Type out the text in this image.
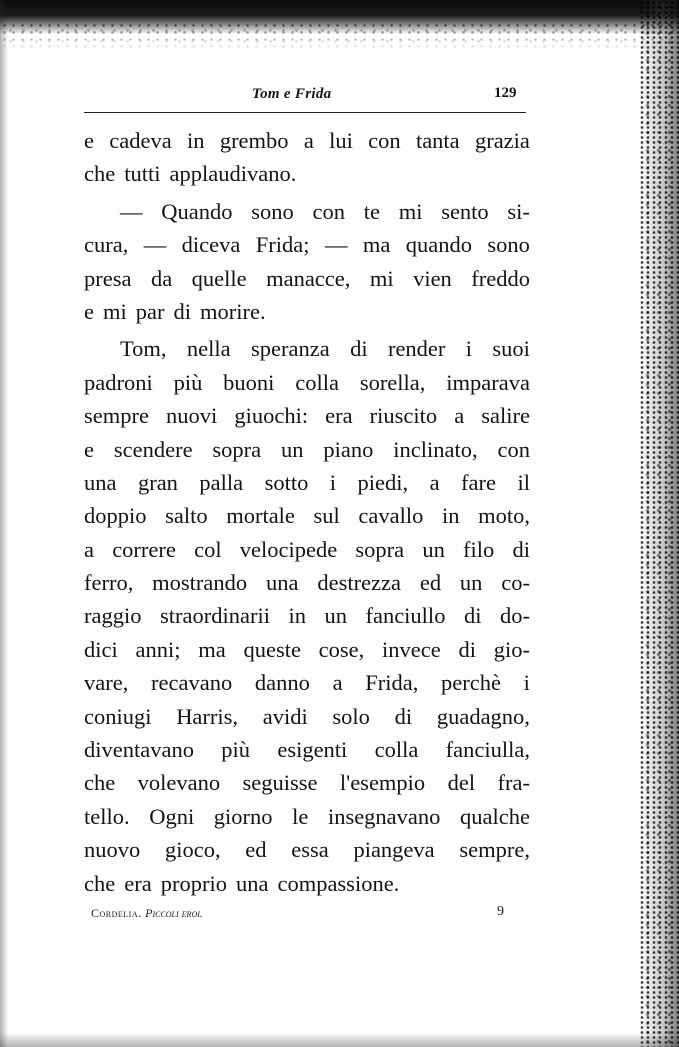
Tom e Frida	129
e cadeva in grembo a lui con tanta grazia
che tutti applaudivano.
— Quando sono con te mi sento si-
cura, — diceva Frida; — ma quando sono
presa da quelle manacce, mi vien freddo
e mi par di morire.
Tom, nella speranza di render i suoi
padroni più buoni colla sorella, imparava
sempre nuovi giuochi: era riuscito a salire
e scendere sopra un piano inclinato, con
una gran palla sotto i piedi, a fare il
doppio salto mortale sul cavallo in moto,
a correre col velocipede sopra un filo di
ferro, mostrando una destrezza ed un co-
raggio straordinarii in un fanciullo di do-
dici anni; ma queste cose, invece di gio-
vare, recavano danno a Frida, perchè i
coniugi Harris, avidi solo di guadagno,
diventavano più esigenti colla fanciulla,
che volevano seguisse l'esempio del fra-
tello. Ogni giorno le insegnavano qualche
nuovo gioco, ed essa piangeva sempre,
che era proprio una compassione.
Cordelia. Piccoli eroi.	9
